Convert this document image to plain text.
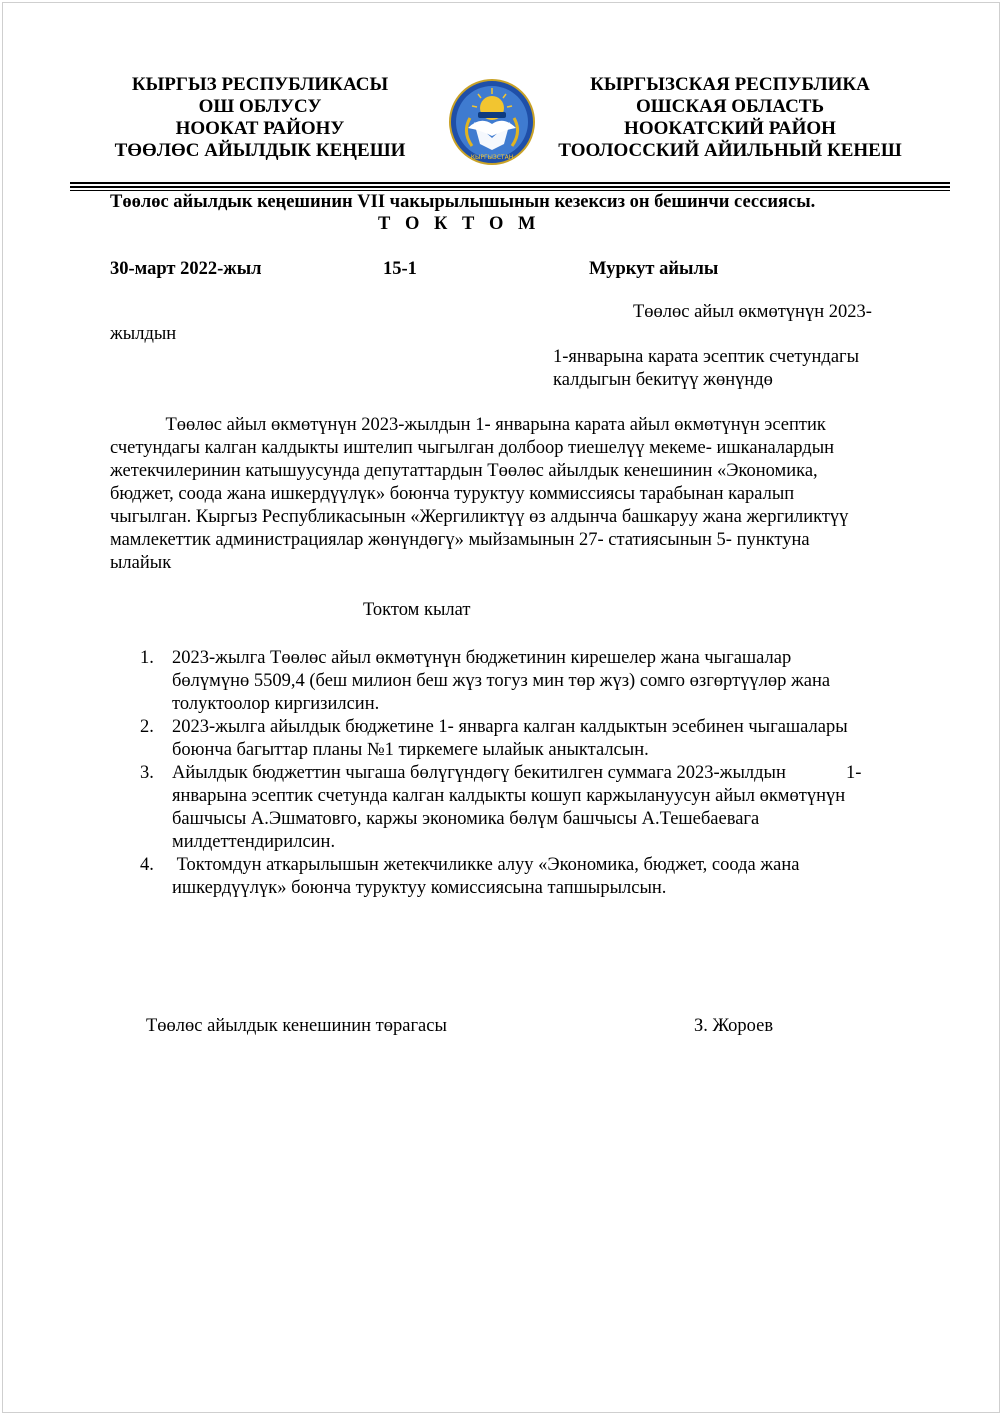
КЫРГЫЗ РЕСПУБЛИКАСЫ
ОШ ОБЛУСУ
НООКАТ РАЙОНУ
ТӨӨЛӨС АЙЫЛДЫК КЕҢЕШИ	КЫРГЫЗСТАН
КЫРГЫЗСКАЯ РЕСПУБЛИКА
ОШСКАЯ ОБЛАСТЬ
НООКАТСКИЙ РАЙОН
ТООЛОССКИЙ АЙИЛЬНЫЙ КЕНЕШ
Төөлөс айылдык кеңешинин VII чакырылышынын кезексиз он бешинчи сессиясы.
Т О К Т О М
30-март 2022-жыл	15-1	Муркут айылы
Төөлөс айыл өкмөтүнүн 2023-
жылдын
1-январына карата эсептик счетундагы
калдыгын бекитүү жөнүндө
Төөлөс айыл өкмөтүнүн 2023-жылдын 1- январына карата айыл өкмөтүнүн эсептик
счетундагы калган калдыкты иштелип чыгылган долбоор тиешелүү мекеме- ишканалардын
жетекчилеринин катышуусунда депутаттардын Төөлөс айылдык кенешинин «Экономика,
бюджет, соода жана ишкердүүлүк» боюнча туруктуу коммиссиясы тарабынан каралып
чыгылган. Кыргыз Республикасынын «Жергиликтүү өз алдынча башкаруу жана жергиликтүү
мамлекеттик администрациялар жөнүндөгү» мыйзамынын 27- статиясынын 5- пунктуна
ылайык
Токтом кылат
1. 2023-жылга Төөлөс айыл өкмөтүнүн бюджетинин кирешелер жана чыгашалар
бөлүмүнө 5509,4 (беш милион беш жүз тогуз мин төр жүз) сомго өзгөртүүлөр жана
толуктоолор киргизилсин.
2. 2023-жылга айылдык бюджетине 1- январга калган калдыктын эсебинен чыгашалары
боюнча багыттар планы №1 тиркемеге ылайык аныкталсын.
3. Айылдык бюджеттин чыгаша бөлүгүндөгү бекитилген суммага 2023-жылдын             1-
январына эсептик счетунда калган калдыкты кошуп каржылануусун айыл өкмөтүнүн
башчысы А.Эшматовго, каржы экономика бөлүм башчысы А.Тешебаевага
милдеттендирилсин.
4. Токтомдун аткарылышын жетекчиликке алуу «Экономика, бюджет, соода жана
ишкердүүлүк» боюнча туруктуу комиссиясына тапшырылсын.
Төөлөс айылдык кенешинин төрагасы	З. Жороев
